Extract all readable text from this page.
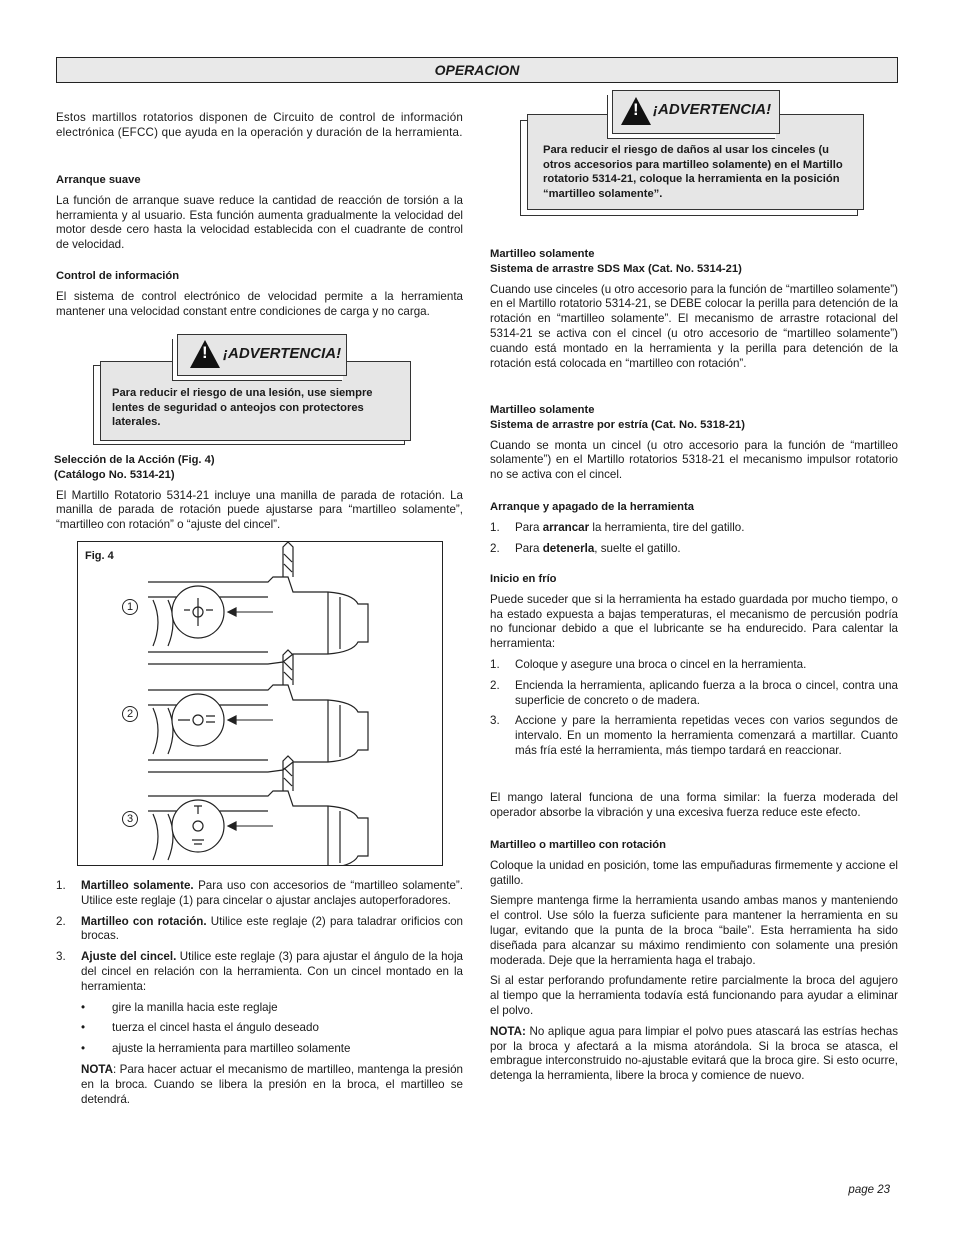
OPERACION

Estos martillos rotatorios disponen de Circuito de control de información electrónica (EFCC) que ayuda en la operación y duración de la herramienta.

Arranque suave

La función de arranque suave reduce la cantidad de reacción de torsión a la herramienta y al usuario. Esta función aumenta gradualmente la velocidad del motor desde cero hasta la velocidad establecida con el cuadrante de control de velocidad.

Control de información

El sistema de control electrónico de velocidad permite a la herramienta mantener una velocidad constant entre condiciones de carga y no carga.

Para reducir el riesgo de una lesión, use siempre lentes de seguridad o anteojos con protectores laterales.
! ¡ADVERTENCIA!
Selección de la Acción (Fig. 4)
(Catálogo No. 5314-21)

El Martillo Rotatorio 5314-21 incluye una manilla de parada de rotación. La manilla de parada de rotación puede ajustarse para “martilleo solamente”, “martilleo con rotación” o “ajuste del cincel”.

Fig. 4
1
2
3
1. Martilleo solamente. Para uso con accesorios de “martilleo solamente”. Utilice este reglaje (1) para cincelar o ajustar anclajes autoperforadores.
2. Martilleo con rotación. Utilice este reglaje (2) para taladrar orificios con brocas.
3. Ajuste del cincel. Utilice este reglaje (3) para ajustar el ángulo de la hoja del cincel en relación con la herramienta. Con un cincel montado en la herramienta:
• gire la manilla hacia este reglaje
• tuerza el cincel hasta el ángulo deseado
• ajuste la herramienta para martilleo solamente

NOTA: Para hacer actuar el mecanismo de martilleo, mantenga la presión en la broca. Cuando se libera la presión en la broca, el martilleo se detendrá.

Para reducir el riesgo de daños al usar los cinceles (u otros accesorios para martilleo solamente) en el Martillo rotatorio 5314-21, coloque la herramienta en la posición “martilleo solamente”.
! ¡ADVERTENCIA!
Martilleo solamente
Sistema de arrastre SDS Max (Cat. No. 5314-21)

Cuando use cinceles (u otro accesorio para la función de “martilleo solamente”) en el Martillo rotatorio 5314-21, se DEBE colocar la perilla para detención de la rotación en “martilleo solamente”. El mecanismo de arrastre rotacional del 5314-21 se activa con el cincel (u otro accesorio de “martilleo solamente”) cuando está montado en la herramienta y la perilla para detención de la rotación está colocada en “martilleo con rotación”.

Martilleo solamente
Sistema de arrastre por estría (Cat. No. 5318-21)

Cuando se monta un cincel (u otro accesorio para la función de “martilleo solamente”) en el Martillo rotatorios 5318-21 el mecanismo impulsor rotatorio no se activa con el cincel.

Arranque y apagado de la herramienta
1. Para arrancar la herramienta, tire del gatillo.
2. Para detenerla, suelte el gatillo.
Inicio en frío

Puede suceder que si la herramienta ha estado guardada por mucho tiempo, o ha estado expuesta a bajas temperaturas, el mecanismo de percusión podría no funcionar debido a que el lubricante se ha endurecido. Para calentar la herramienta:

1. Coloque y asegure una broca o cincel en la herramienta.
2. Encienda la herramienta, aplicando fuerza a la broca o cincel, contra una superficie de concreto o de madera.
3. Accione y pare la herramienta repetidas veces con varios segundos de intervalo. En un momento la herramienta comenzará a martillar. Cuanto más fría esté la herramienta, más tiempo tardará en reaccionar.

El mango lateral funciona de una forma similar: la fuerza moderada del operador absorbe la vibración y una excesiva fuerza reduce este efecto.

Martilleo o martilleo con rotación

Coloque la unidad en posición, tome las empuñaduras firmemente y accione el gatillo.

Siempre mantenga firme la herramienta usando ambas manos y manteniendo el control. Use sólo la fuerza suficiente para mantener la herramienta en su lugar, evitando que la punta de la broca “baile”. Esta herramienta ha sido diseñada para alcanzar su máximo rendimiento con solamente una presión moderada. Deje que la herramienta haga el trabajo.

Si al estar perforando profundamente retire parcialmente la broca del agujero al tiempo que la herramienta todavía está funcionando para ayudar a eliminar el polvo.

NOTA: No aplique agua para limpiar el polvo pues atascará las estrías hechas por la broca y afectará a la misma atorándola. Si la broca se atasca, el embrague interconstruido no-ajustable evitará que la broca gire. Si esto ocurre, detenga la herramienta, libere la broca y comience de nuevo.

page 23
